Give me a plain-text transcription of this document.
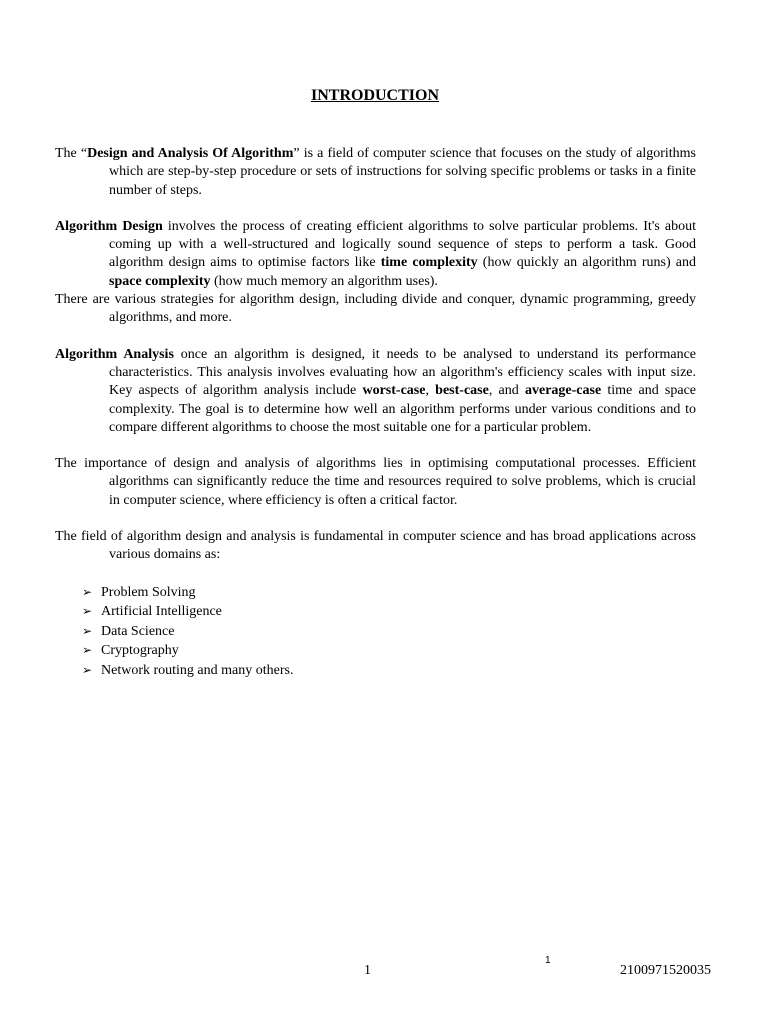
INTRODUCTION

The “Design and Analysis Of Algorithm” is a field of computer science that focuses on the study of algorithms which are step-by-step procedure or sets of instructions for solving specific problems or tasks in a finite number of steps.

Algorithm Design involves the process of creating efficient algorithms to solve particular problems. It's about coming up with a well-structured and logically sound sequence of steps to perform a task. Good algorithm design aims to optimise factors like time complexity (how quickly an algorithm runs) and space complexity (how much memory an algorithm uses).

There are various strategies for algorithm design, including divide and conquer, dynamic programming, greedy algorithms, and more.

Algorithm Analysis once an algorithm is designed, it needs to be analysed to understand its performance characteristics. This analysis involves evaluating how an algorithm's efficiency scales with input size. Key aspects of algorithm analysis include worst-case, best-case, and average-case time and space complexity. The goal is to determine how well an algorithm performs under various conditions and to compare different algorithms to choose the most suitable one for a particular problem.

The importance of design and analysis of algorithms lies in optimising computational processes. Efficient algorithms can significantly reduce the time and resources required to solve problems, which is crucial in computer science, where efficiency is often a critical factor.

The field of algorithm design and analysis is fundamental in computer science and has broad applications across various domains as:

➢ Problem Solving
➢ Artificial Intelligence
➢ Data Science
➢ Cryptography
➢ Network routing and many others.
1
1	2100971520035
